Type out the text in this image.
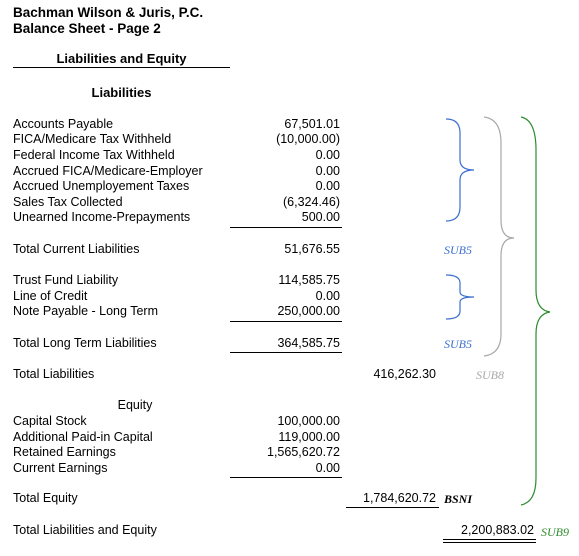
Bachman Wilson & Juris, P.C.
Balance Sheet - Page 2
Liabilities and Equity
Liabilities
Accounts Payable	67,501.01
FICA/Medicare Tax Withheld	(10,000.00)
Federal Income Tax Withheld	0.00
Accrued FICA/Medicare-Employer	0.00
Accrued Unemployement Taxes	0.00
Sales Tax Collected	(6,324.46)
Unearned Income-Prepayments	500.00
Total Current Liabilities	51,676.55	SUB5
Trust Fund Liability	114,585.75
Line of Credit	0.00
Note Payable - Long Term	250,000.00
Total Long Term Liabilities	364,585.75	SUB5
Total Liabilities	416,262.30	SUB8
Equity
Capital Stock	100,000.00
Additional Paid-in Capital	119,000.00
Retained Earnings	1,565,620.72
Current Earnings	0.00
Total Equity	1,784,620.72 BSNI
Total Liabilities and Equity	2,200,883.02 SUB9
